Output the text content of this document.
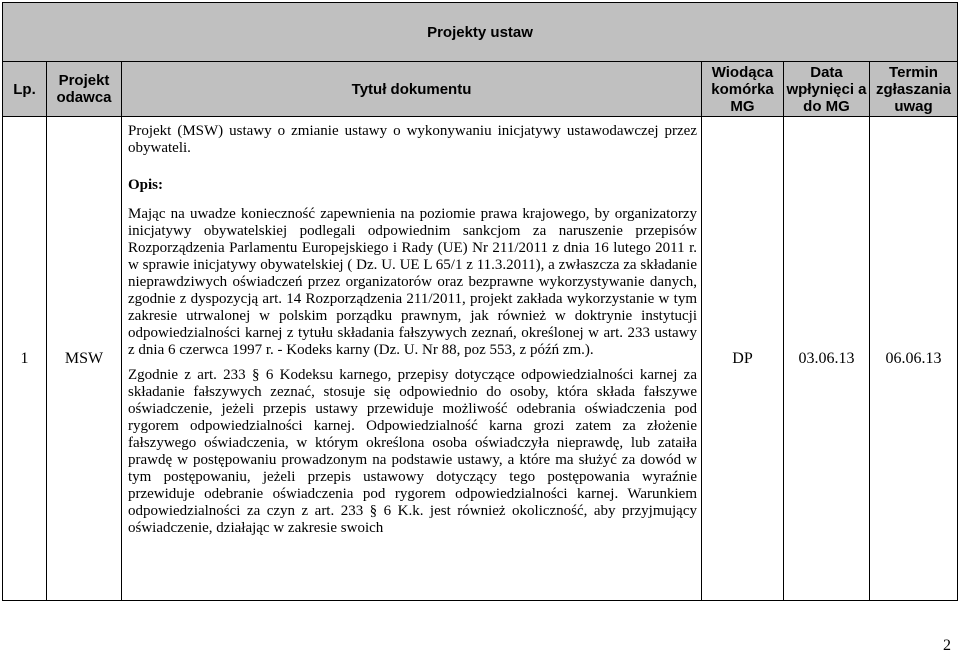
Projekty ustaw					
Lp.	Projekt odawca	Tytuł dokumentu	Wiodąca komórka MG	Data wpłynięci a do MG	Termin zgłaszania uwag
1	MSW	Projekt (MSW) ustawy o zmianie ustawy o wykonywaniu inicjatywy ustawodawczej przez obywateli.

Opis:

Mając na uwadze konieczność zapewnienia na poziomie prawa krajowego, by organizatorzy inicjatywy obywatelskiej podlegali odpowiednim sankcjom za naruszenie przepisów Rozporządzenia Parlamentu Europejskiego i Rady (UE) Nr 211/2011 z dnia 16 lutego 2011 r. w sprawie inicjatywy obywatelskiej ( Dz. U. UE L 65/1 z 11.3.2011), a zwłaszcza za składanie nieprawdziwych oświadczeń przez organizatorów oraz bezprawne wykorzystywanie danych, zgodnie z dyspozycją art. 14 Rozporządzenia 211/2011, projekt zakłada wykorzystanie w tym zakresie utrwalonej w polskim porządku prawnym, jak również w doktrynie instytucji odpowiedzialności karnej z tytułu składania fałszywych zeznań, określonej w art. 233 ustawy z dnia 6 czerwca 1997 r. - Kodeks karny (Dz. U. Nr 88, poz 553, z późń zm.).

Zgodnie z art. 233 § 6 Kodeksu karnego, przepisy dotyczące odpowiedzialności karnej za składanie fałszywych zeznać, stosuje się odpowiednio do osoby, która składa fałszywe oświadczenie, jeżeli przepis ustawy przewiduje możliwość odebrania oświadczenia pod rygorem odpowiedzialności karnej. Odpowiedzialność karna grozi zatem za złożenie fałszywego oświadczenia, w którym określona osoba oświadczyła nieprawdę, lub zataiła prawdę w postępowaniu prowadzonym na podstawie ustawy, a które ma służyć za dowód w tym postępowaniu, jeżeli przepis ustawowy dotyczący tego postępowania wyraźnie przewiduje odebranie oświadczenia pod rygorem odpowiedzialności karnej. Warunkiem odpowiedzialności za czyn z art. 233 § 6 K.k. jest również okoliczność, aby przyjmujący oświadczenie, działając w zakresie swoich	DP	03.06.13	06.06.13
2
